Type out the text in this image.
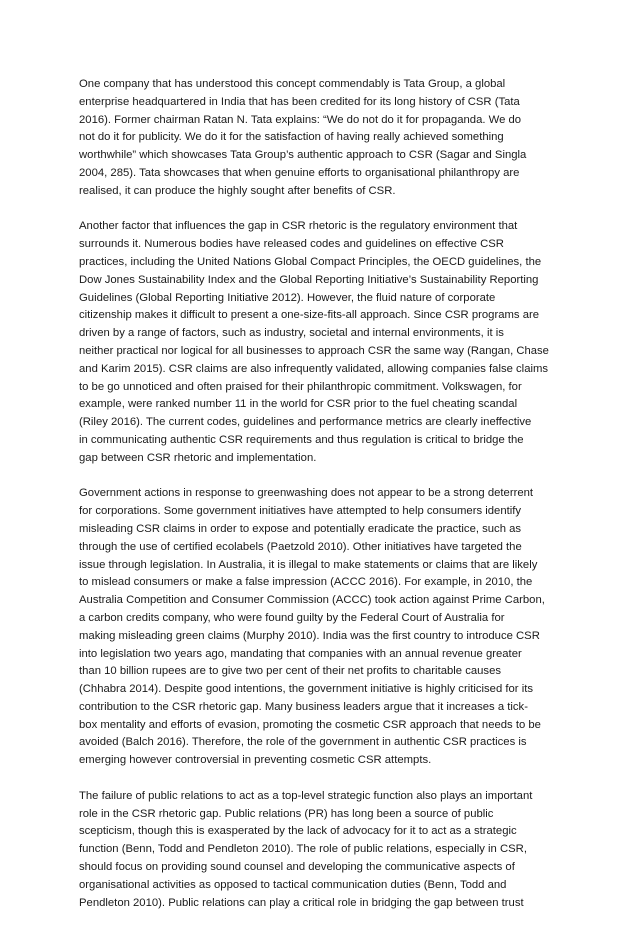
One company that has understood this concept commendably is Tata Group, a global
enterprise headquartered in India that has been credited for its long history of CSR (Tata
2016). Former chairman Ratan N. Tata explains: “We do not do it for propaganda. We do
not do it for publicity. We do it for the satisfaction of having really achieved something
worthwhile” which showcases Tata Group’s authentic approach to CSR (Sagar and Singla
2004, 285). Tata showcases that when genuine efforts to organisational philanthropy are
realised, it can produce the highly sought after benefits of CSR.

Another factor that influences the gap in CSR rhetoric is the regulatory environment that
surrounds it. Numerous bodies have released codes and guidelines on effective CSR
practices, including the United Nations Global Compact Principles, the OECD guidelines, the
Dow Jones Sustainability Index and the Global Reporting Initiative’s Sustainability Reporting
Guidelines (Global Reporting Initiative 2012). However, the fluid nature of corporate
citizenship makes it difficult to present a one-size-fits-all approach. Since CSR programs are
driven by a range of factors, such as industry, societal and internal environments, it is
neither practical nor logical for all businesses to approach CSR the same way (Rangan, Chase
and Karim 2015). CSR claims are also infrequently validated, allowing companies false claims
to be go unnoticed and often praised for their philanthropic commitment. Volkswagen, for
example, were ranked number 11 in the world for CSR prior to the fuel cheating scandal
(Riley 2016). The current codes, guidelines and performance metrics are clearly ineffective
in communicating authentic CSR requirements and thus regulation is critical to bridge the
gap between CSR rhetoric and implementation.

Government actions in response to greenwashing does not appear to be a strong deterrent
for corporations. Some government initiatives have attempted to help consumers identify
misleading CSR claims in order to expose and potentially eradicate the practice, such as
through the use of certified ecolabels (Paetzold 2010). Other initiatives have targeted the
issue through legislation. In Australia, it is illegal to make statements or claims that are likely
to mislead consumers or make a false impression (ACCC 2016). For example, in 2010, the
Australia Competition and Consumer Commission (ACCC) took action against Prime Carbon,
a carbon credits company, who were found guilty by the Federal Court of Australia for
making misleading green claims (Murphy 2010). India was the first country to introduce CSR
into legislation two years ago, mandating that companies with an annual revenue greater
than 10 billion rupees are to give two per cent of their net profits to charitable causes
(Chhabra 2014). Despite good intentions, the government initiative is highly criticised for its
contribution to the CSR rhetoric gap. Many business leaders argue that it increases a tick-
box mentality and efforts of evasion, promoting the cosmetic CSR approach that needs to be
avoided (Balch 2016). Therefore, the role of the government in authentic CSR practices is
emerging however controversial in preventing cosmetic CSR attempts.

The failure of public relations to act as a top-level strategic function also plays an important
role in the CSR rhetoric gap. Public relations (PR) has long been a source of public
scepticism, though this is exasperated by the lack of advocacy for it to act as a strategic
function (Benn, Todd and Pendleton 2010). The role of public relations, especially in CSR,
should focus on providing sound counsel and developing the communicative aspects of
organisational activities as opposed to tactical communication duties (Benn, Todd and
Pendleton 2010). Public relations can play a critical role in bridging the gap between trust
